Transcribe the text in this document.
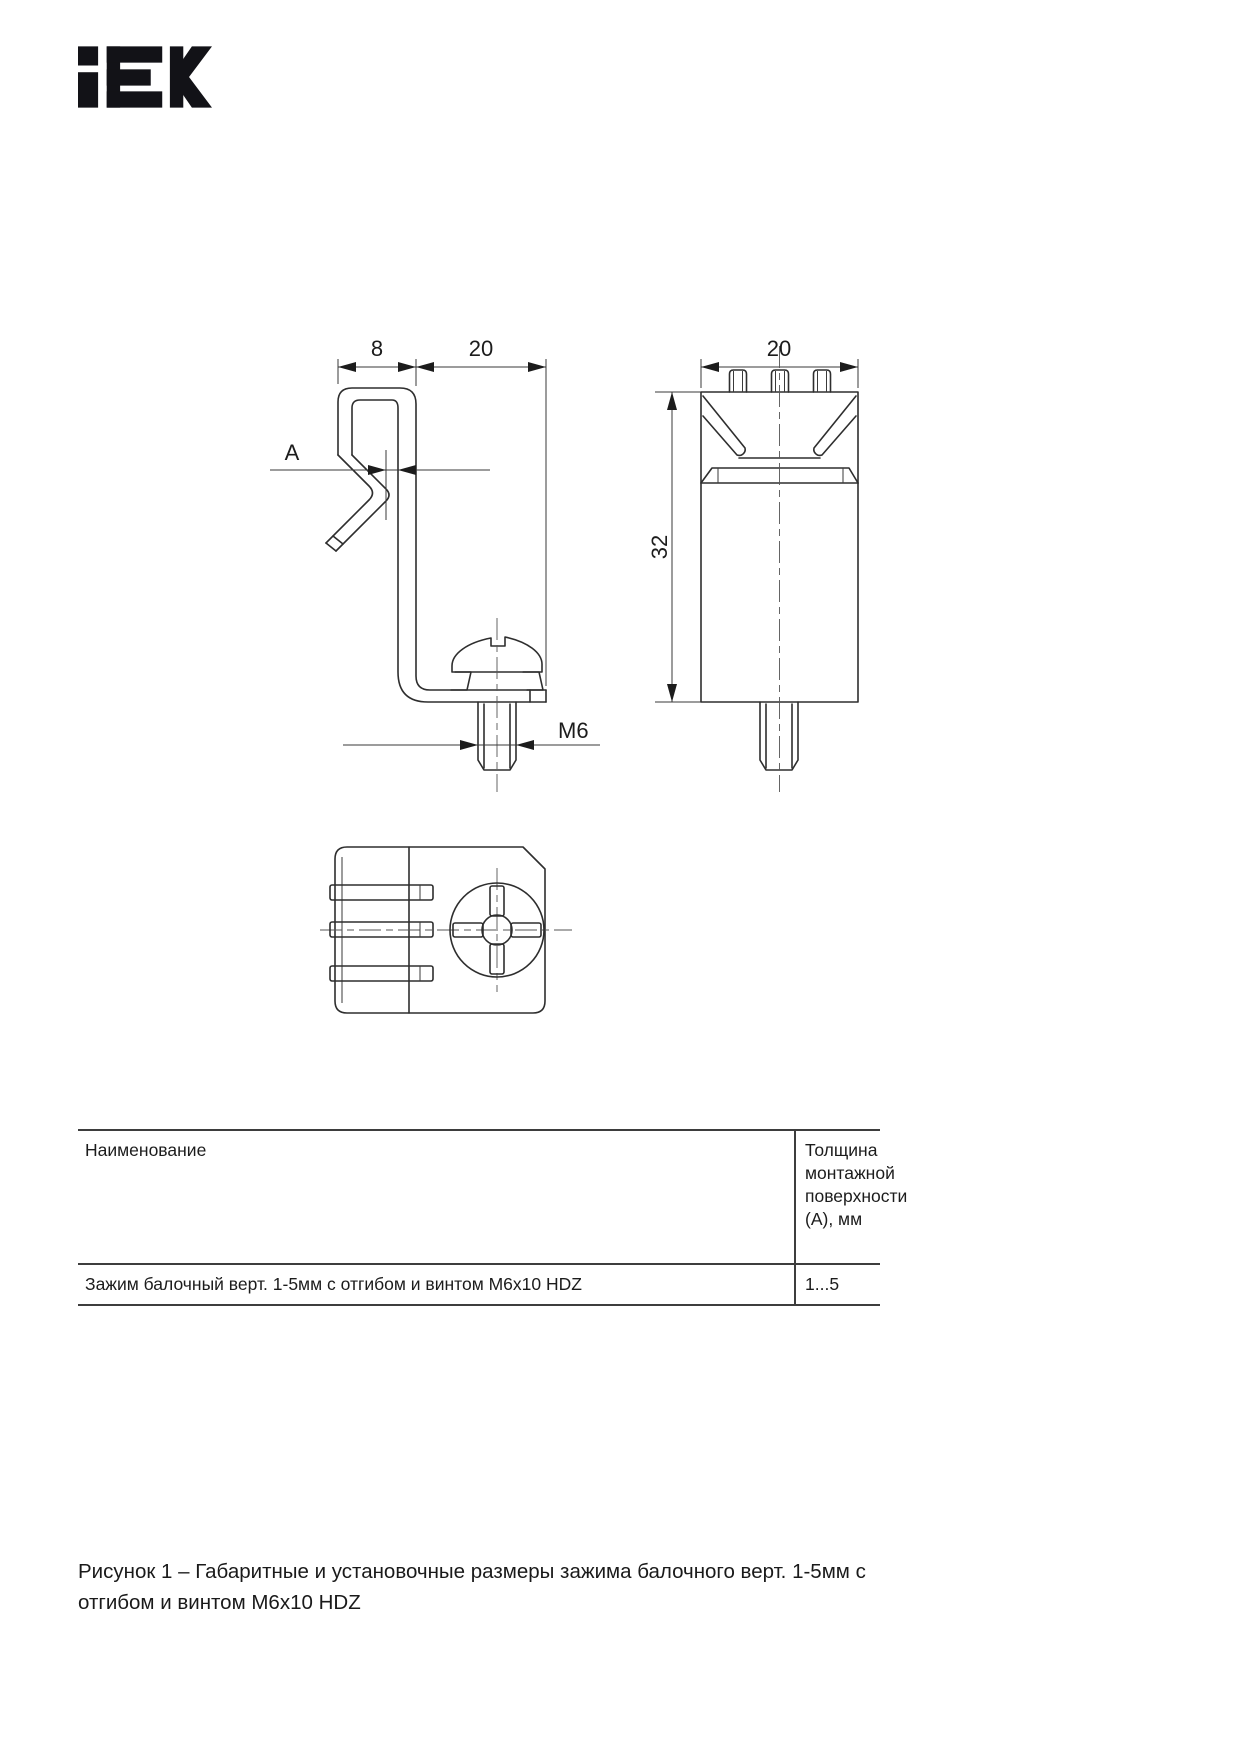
8	20
A
М6
20
32
Наименование	Толщина монтажной поверхности (А), мм
Зажим балочный верт. 1-5мм с отгибом и винтом М6х10 HDZ	1...5
Рисунок 1 – Габаритные и установочные размеры зажима балочного верт. 1-5мм с отгибом и винтом М6х10 HDZ
